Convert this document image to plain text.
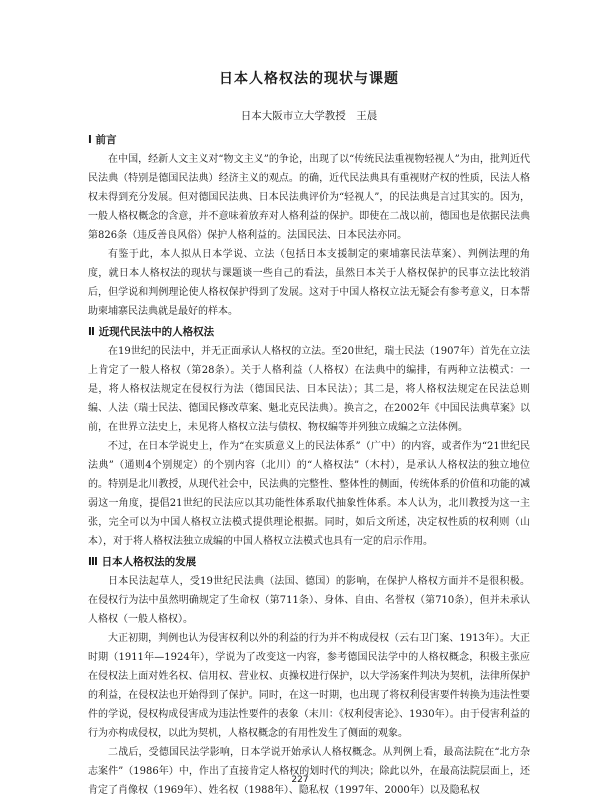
日本人格权法的现状与课题
日本大阪市立大学教授　王晨
Ⅰ 前言

在中国，经新人文主义对“物文主义”的争论，出现了以“传统民法重视物轻视人”为由，批判近代民法典（特别是德国民法典）经济主义的观点。的确，近代民法典具有重视财产权的性质，民法人格权未得到充分发展。但对德国民法典、日本民法典评价为“轻视人”，的民法典是言过其实的。因为，一般人格权概念的含意，并不意味着放弃对人格利益的保护。即使在二战以前，德国也是依据民法典第826条（违反善良风俗）保护人格利益的。法国民法、日本民法亦同。

有鉴于此，本人拟从日本学说、立法（包括日本支援制定的柬埔寨民法草案）、判例法理的角度，就日本人格权法的现状与课题谈一些自己的看法，虽然日本关于人格权保护的民事立法比较消后，但学说和判例理论使人格权保护得到了发展。这对于中国人格权立法无疑会有参考意义，日本帮助柬埔寨民法典就是最好的样本。

Ⅱ 近现代民法中的人格权法

在19世纪的民法中，并无正面承认人格权的立法。至20世纪，瑞士民法（1907年）首先在立法上肯定了一般人格权（第28条）。关于人格利益（人格权）在法典中的编排，有两种立法模式：一是，将人格权法规定在侵权行为法（德国民法、日本民法）；其二是，将人格权法规定在民法总则编、人法（瑞士民法、德国民修改草案、魁北克民法典）。换言之，在2002年《中国民法典草案》以前，在世界立法史上，未见将人格权立法与债权、物权编等并列独立成编之立法体例。

不过，在日本学说史上，作为“在实质意义上的民法体系”（广中）的内容，或者作为“21世纪民法典”（通则4个别规定）的个别内容（北川）的“人格权法”（木村），是承认人格权法的独立地位的。特别是北川教授，从现代社会中，民法典的完整性、整体性的侧面，传统体系的价值和功能的减弱这一角度，提倡21世纪的民法应以其功能性体系取代抽象性体系。本人认为，北川教授为这一主张，完全可以为中国人格权立法模式提供理论根据。同时，如后文所述，决定权性质的权利则（山本），对于将人格权法独立成编的中国人格权立法模式也具有一定的启示作用。

Ⅲ 日本人格权法的发展

日本民法起草人，受19世纪民法典（法国、德国）的影响，在保护人格权方面并不是很积极。在侵权行为法中虽然明确规定了生命权（第711条）、身体、自由、名誉权（第710条），但并未承认人格权（一般人格权）。

大正初期，判例也认为侵害权利以外的利益的行为并不构成侵权（云右卫门案、1913年）。大正时期（1911年—1924年），学说为了改变这一内容，参考德国民法学中的人格权概念，积极主张应在侵权法上面对姓名权、信用权、营业权、贞操权进行保护，以大学汤案件判决为契机，法律所保护的利益，在侵权法也开始得到了保护。同时，在这一时期，也出现了将权利侵害要件转换为违法性要件的学说，侵权构成侵害成为违法性要件的表象（末川：《权利侵害论》、1930年）。由于侵害利益的行为亦构成侵权，以此为契机，人格权概念的有用性发生了侧面的观象。

二战后，受德国民法学影响，日本学说开始承认人格权概念。从判例上看，最高法院在“北方杂志案件”（1986年）中，作出了直接肯定人格权的划时代的判决；除此以外，在最高法院层面上，还肯定了肖像权（1969年）、姓名权（1988年）、隐私权（1997年、2000年）以及隐私权

227
